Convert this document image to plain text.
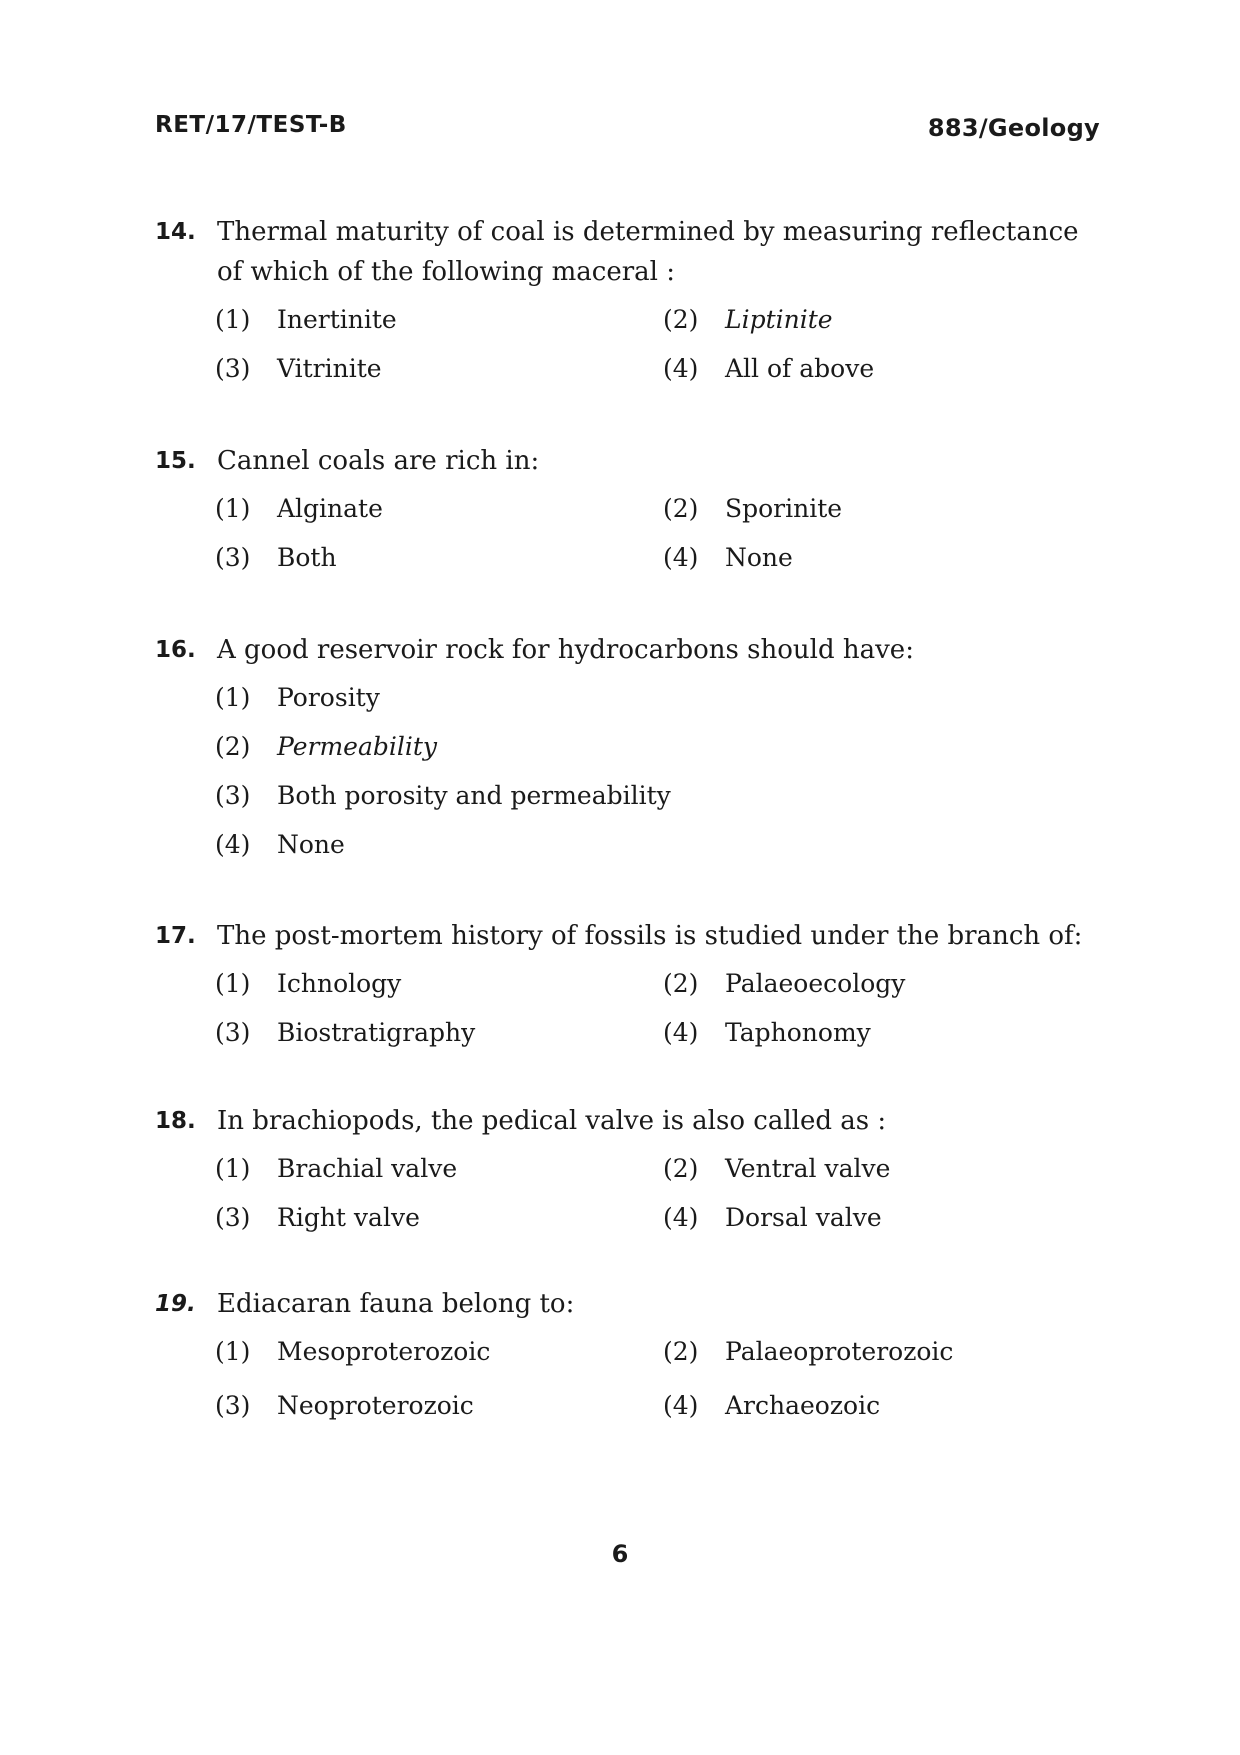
RET/17/TEST-B	883/Geology
14. Thermal maturity of coal is determined by measuring reflectance of which of the following maceral :
(1)	Inertinite	(2)	Liptinite
(3)	Vitrinite	(4)	All of above
15. Cannel coals are rich in:
(1)	Alginate	(2)	Sporinite
(3)	Both	(4)	None
16. A good reservoir rock for hydrocarbons should have:
(1)	Porosity
(2)	Permeability
(3)	Both porosity and permeability
(4)	None
17. The post-mortem history of fossils is studied under the branch of:
(1)	Ichnology	(2)	Palaeoecology
(3)	Biostratigraphy	(4)	Taphonomy
18. In brachiopods, the pedical valve is also called as :
(1)	Brachial valve	(2)	Ventral valve
(3)	Right valve	(4)	Dorsal valve
19. Ediacaran fauna belong to:
(1)	Mesoproterozoic	(2)	Palaeoproterozoic
(3)	Neoproterozoic	(4)	Archaeozoic
6
